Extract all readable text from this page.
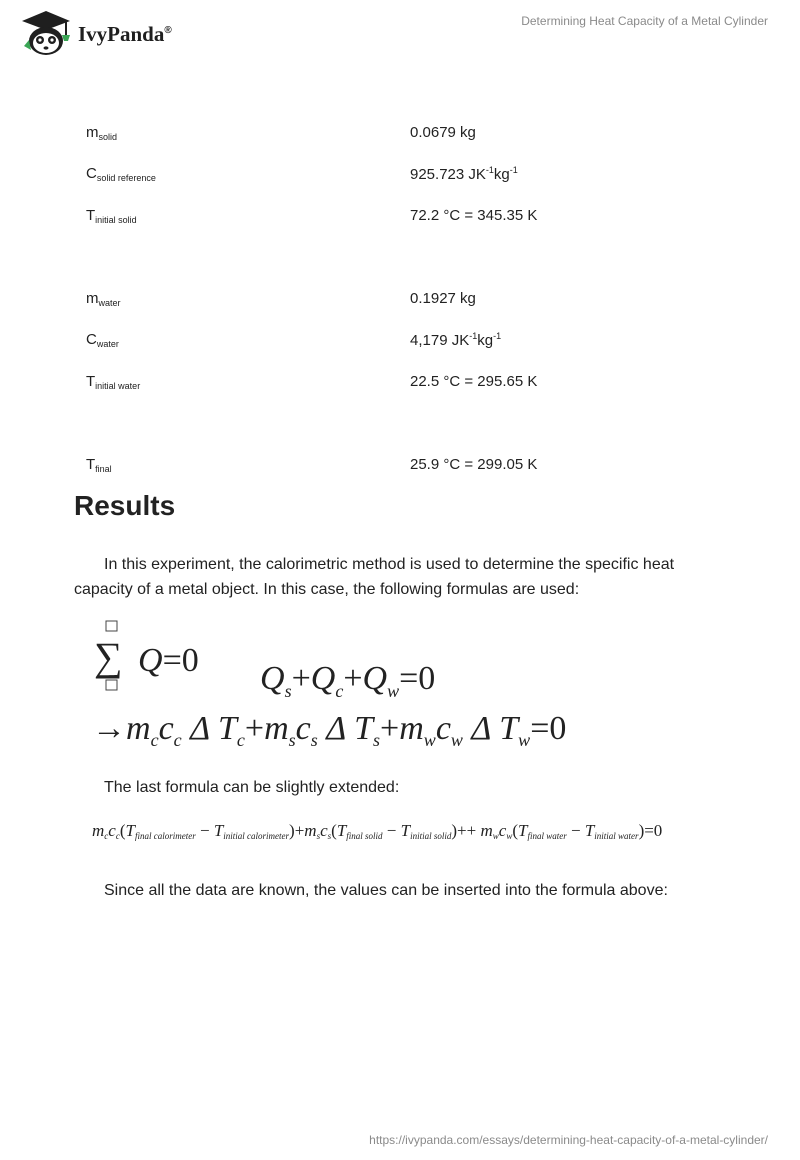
IvyPanda®
Determining Heat Capacity of a Metal Cylinder
$m_{solid}$	0.0679 kg
$C_{solid reference}$	925.723 $JK^{-1}kg^{-1}$
$T_{initial solid}$	72.2 °C = 345.35 K

$m_{water}$	0.1927 kg
$C_{water}$	4,179 $JK^{-1}kg^{-1}$
$T_{initial water}$	22.5 °C = 295.65 K

$T_{final}$	25.9 °C = 299.05 K
Results

In this experiment, the calorimetric method is used to determine the specific heat capacity of a metal object. In this case, the following formulas are used:

∑ Q=0 $Q_s+Q_c+Q_w=0$
$\to m_cc_c$ Δ $T_c+m_sc_s$ Δ $T_s+m_wc_w$ Δ $T_w=0$

The last formula can be slightly extended:

mccc(Tfinal calorimeter − Tinitial calorimeter)+mscs(Tfinal solid − Tinitial solid)++ mwcw(Tfinal water − Tinitial water)=0

Since all the data are known, the values can be inserted into the formula above:

https://ivypanda.com/essays/determining-heat-capacity-of-a-metal-cylinder/
